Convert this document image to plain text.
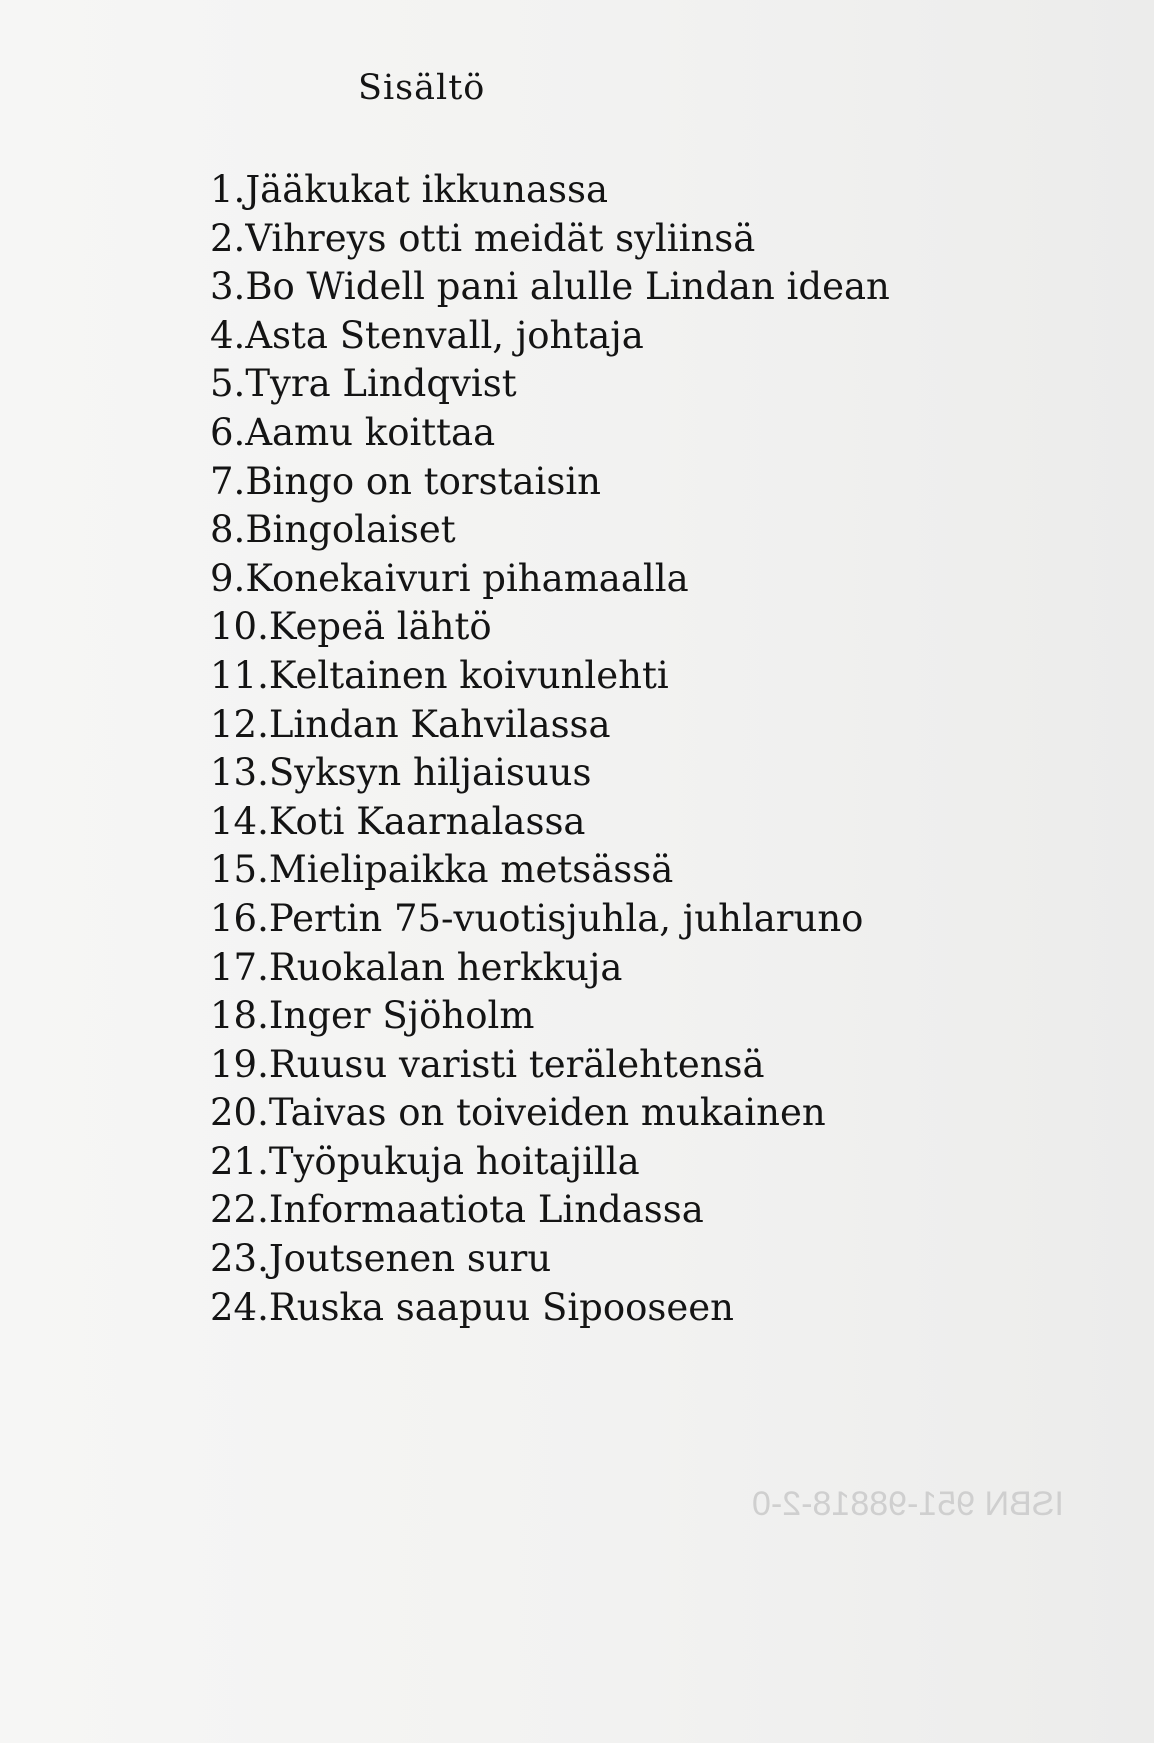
ISBN 951-98818-2-0
Sisältö
1.Jääkukat ikkunassa
2.Vihreys otti meidät syliinsä
3.Bo Widell pani alulle Lindan idean
4.Asta Stenvall, johtaja
5.Tyra Lindqvist
6.Aamu koittaa
7.Bingo on torstaisin
8.Bingolaiset
9.Konekaivuri pihamaalla
10.Kepeä lähtö
11.Keltainen koivunlehti
12.Lindan Kahvilassa
13.Syksyn hiljaisuus
14.Koti Kaarnalassa
15.Mielipaikka metsässä
16.Pertin 75-vuotisjuhla, juhlaruno
17.Ruokalan herkkuja
18.Inger Sjöholm
19.Ruusu varisti terälehtensä
20.Taivas on toiveiden mukainen
21.Työpukuja hoitajilla
22.Informaatiota Lindassa
23.Joutsenen suru
24.Ruska saapuu Sipooseen
